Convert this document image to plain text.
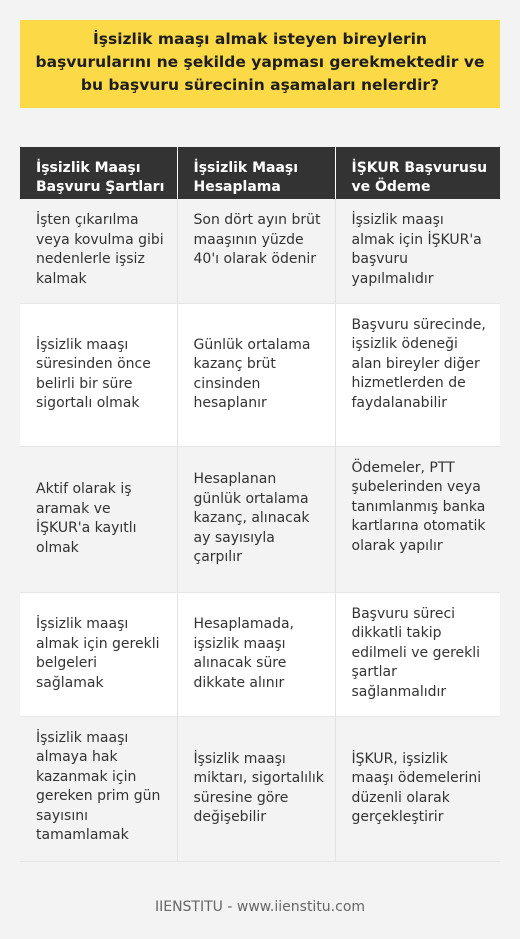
İşsizlik maaşı almak isteyen bireylerin başvurularını ne şekilde yapması gerekmektedir ve bu başvuru sürecinin aşamaları nelerdir?
İşsizlik Maaşı Başvuru Şartları	İşsizlik Maaşı Hesaplama	İŞKUR Başvurusu ve Ödeme
İşten çıkarılma veya kovulma gibi nedenlerle işsiz kalmak	Son dört ayın brüt maaşının yüzde 40'ı olarak ödenir	İşsizlik maaşı almak için İŞKUR'a başvuru yapılmalıdır
İşsizlik maaşı süresinden önce belirli bir süre sigortalı olmak	Günlük ortalama kazanç brüt cinsinden hesaplanır	Başvuru sürecinde, işsizlik ödeneği alan bireyler diğer hizmetlerden de faydalanabilir
Aktif olarak iş aramak ve İŞKUR'a kayıtlı olmak	Hesaplanan günlük ortalama kazanç, alınacak ay sayısıyla çarpılır	Ödemeler, PTT şubelerinden veya tanımlanmış banka kartlarına otomatik olarak yapılır
İşsizlik maaşı almak için gerekli belgeleri sağlamak	Hesaplamada, işsizlik maaşı alınacak süre dikkate alınır	Başvuru süreci dikkatli takip edilmeli ve gerekli şartlar sağlanmalıdır
İşsizlik maaşı almaya hak kazanmak için gereken prim gün sayısını tamamlamak	İşsizlik maaşı miktarı, sigortalılık süresine göre değişebilir	İŞKUR, işsizlik maaşı ödemelerini düzenli olarak gerçekleştirir
IIENSTITU - www.iienstitu.com
